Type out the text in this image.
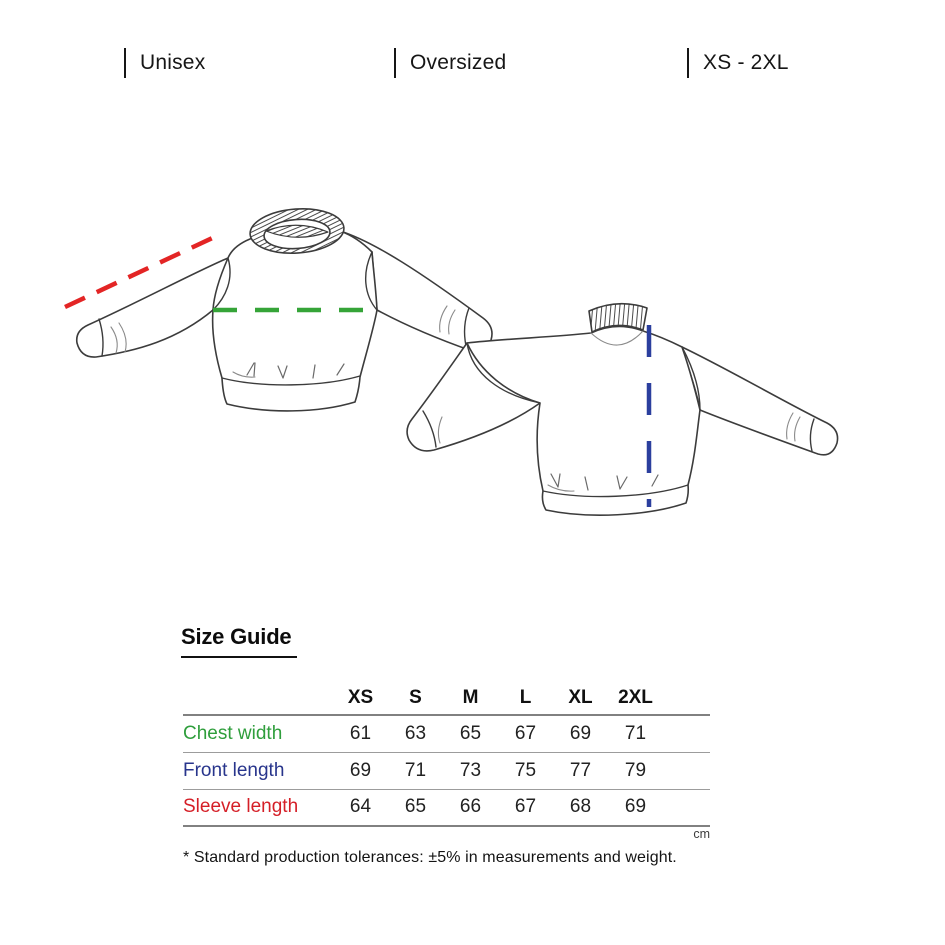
Unisex	Oversized	XS - 2XL
Size Guide
	XS	S	M	L	XL	2XL	
Chest width	61	63	65	67	69	71	
Front length	69	71	73	75	77	79	
Sleeve length	64	65	66	67	68	69	
cm
* Standard production tolerances: ±5% in measurements and weight.
